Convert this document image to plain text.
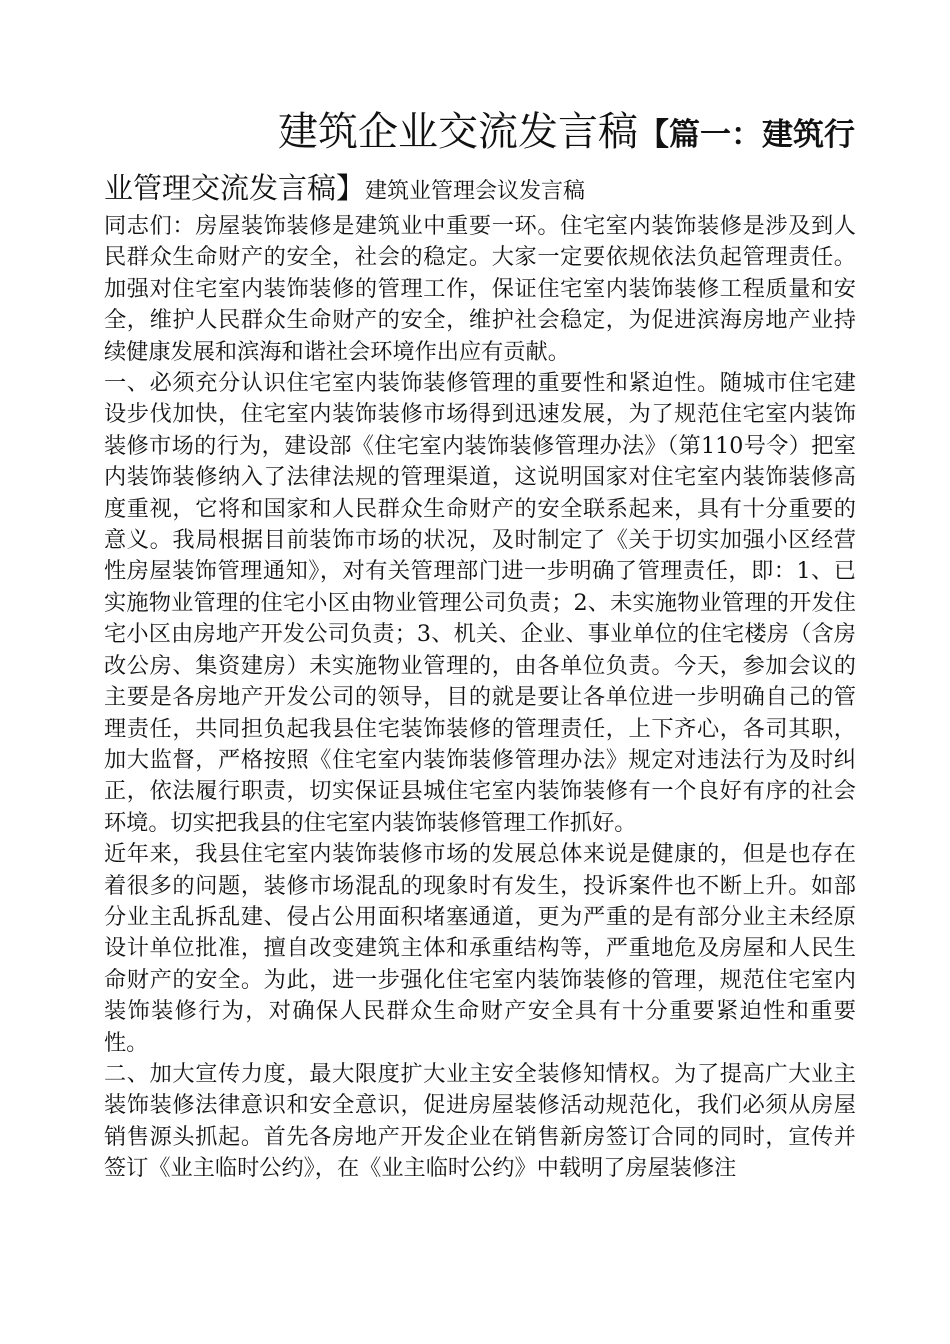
建筑企业交流发言稿【篇一：建筑行
业管理交流发言稿】建筑业管理会议发言稿

同志们：房屋装饰装修是建筑业中重要一环。住宅室内装饰装修是涉及到人民群众生命财产的安全，社会的稳定。大家一定要依规依法负起管理责任。加强对住宅室内装饰装修的管理工作，保证住宅室内装饰装修工程质量和安全，维护人民群众生命财产的安全，维护社会稳定，为促进滨海房地产业持续健康发展和滨海和谐社会环境作出应有贡献。

一、必须充分认识住宅室内装饰装修管理的重要性和紧迫性。随城市住宅建设步伐加快，住宅室内装饰装修市场得到迅速发展，为了规范住宅室内装饰装修市场的行为，建设部《住宅室内装饰装修管理办法》（第110号令）把室内装饰装修纳入了法律法规的管理渠道，这说明国家对住宅室内装饰装修高度重视，它将和国家和人民群众生命财产的安全联系起来，具有十分重要的意义。我局根据目前装饰市场的状况，及时制定了《关于切实加强小区经营性房屋装饰管理通知》，对有关管理部门进一步明确了管理责任，即：1、已实施物业管理的住宅小区由物业管理公司负责；2、未实施物业管理的开发住宅小区由房地产开发公司负责；3、机关、企业、事业单位的住宅楼房（含房改公房、集资建房）未实施物业管理的，由各单位负责。今天，参加会议的主要是各房地产开发公司的领导，目的就是要让各单位进一步明确自己的管理责任，共同担负起我县住宅装饰装修的管理责任，上下齐心，各司其职，加大监督，严格按照《住宅室内装饰装修管理办法》规定对违法行为及时纠正，依法履行职责，切实保证县城住宅室内装饰装修有一个良好有序的社会环境。切实把我县的住宅室内装饰装修管理工作抓好。

近年来，我县住宅室内装饰装修市场的发展总体来说是健康的，但是也存在着很多的问题，装修市场混乱的现象时有发生，投诉案件也不断上升。如部分业主乱拆乱建、侵占公用面积堵塞通道，更为严重的是有部分业主未经原设计单位批准，擅自改变建筑主体和承重结构等，严重地危及房屋和人民生命财产的安全。为此，进一步强化住宅室内装饰装修的管理，规范住宅室内装饰装修行为，对确保人民群众生命财产安全具有十分重要紧迫性和重要性。

二、加大宣传力度，最大限度扩大业主安全装修知情权。为了提高广大业主装饰装修法律意识和安全意识，促进房屋装修活动规范化，我们必须从房屋销售源头抓起。首先各房地产开发企业在销售新房签订合同的同时，宣传并签订《业主临时公约》，在《业主临时公约》中载明了房屋装修注
